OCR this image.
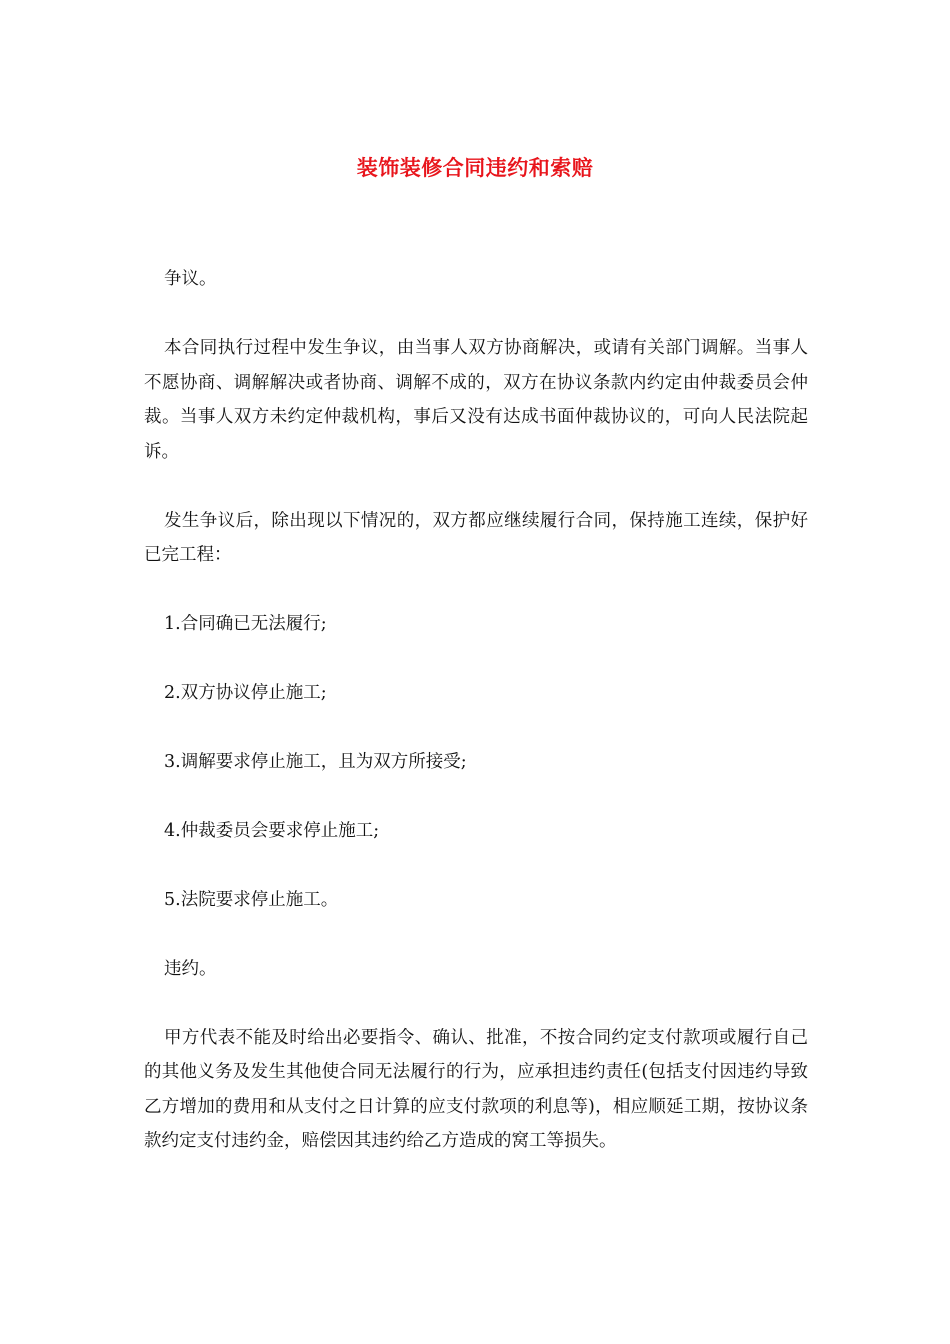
装饰装修合同违约和索赔

争议。

本合同执行过程中发生争议，由当事人双方协商解决，或请有关部门调解。当事人不愿协商、调解解决或者协商、调解不成的，双方在协议条款内约定由仲裁委员会仲裁。当事人双方未约定仲裁机构，事后又没有达成书面仲裁协议的，可向人民法院起诉。

发生争议后，除出现以下情况的，双方都应继续履行合同，保持施工连续，保护好已完工程：

1.合同确已无法履行;

2.双方协议停止施工;

3.调解要求停止施工，且为双方所接受;

4.仲裁委员会要求停止施工;

5.法院要求停止施工。

违约。

甲方代表不能及时给出必要指令、确认、批准，不按合同约定支付款项或履行自己的其他义务及发生其他使合同无法履行的行为，应承担违约责任(包括支付因违约导致乙方增加的费用和从支付之日计算的应支付款项的利息等)，相应顺延工期，按协议条款约定支付违约金，赔偿因其违约给乙方造成的窝工等损失。
